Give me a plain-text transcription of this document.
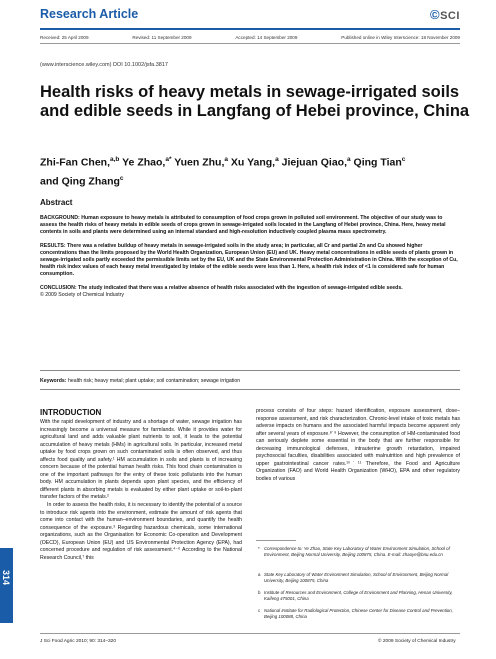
314
Research Article	©SCI
Received: 25 April 2009	Revised: 11 September 2009	Accepted: 14 September 2009	Published online in Wiley Interscience: 18 November 2009
(www.interscience.wiley.com) DOI 10.1002/jsfa.3817
Health risks of heavy metals in sewage-irrigated soils and edible seeds in Langfang of Hebei province, China
Zhi-Fan Chen,$^{a,b}$ Ye Zhao,$^{a*}$ Yuen Zhu,$^a$ Xu Yang,$^a$ Jiejuan Qiao,$^a$ Qing Tian$^c$
and Qing Zhang$^c$
Abstract

BACKGROUND: Human exposure to heavy metals is attributed to consumption of food crops grown in polluted soil environment. The objective of our study was to assess the health risks of heavy metals in edible seeds of crops grown in sewage-irrigated soils located in the Langfang of Hebei province, China. Here, heavy metal contents in soils and plants were determined using an internal standard and high-resolution inductively coupled plasma mass spectrometry.

RESULTS: There was a relative buildup of heavy metals in sewage-irrigated soils in the study area; in particular, all Cr and partial Zn and Cu showed higher concentrations than the limits proposed by the World Health Organization, European Union (EU) and UK. Heavy metal concentrations in edible seeds of plants grown in sewage-irrigated soils partly exceeded the permissible limits set by the EU, UK and the State Environmental Protection Administration in China. With the exception of Cu, health risk index values of each heavy metal investigated by intake of the edible seeds were less than 1. Here, a health risk index of <1 is considered safe for human consumption.

CONCLUSION: The study indicated that there was a relative absence of health risks associated with the ingestion of sewage-irrigated edible seeds.
© 2009 Society of Chemical Industry

Keywords: health risk; heavy metal; plant uptake; soil contamination; sewage irrigation
INTRODUCTION

With the rapid development of industry and a shortage of water, sewage irrigation has increasingly become a universal measure for farmlands. While it provides water for agricultural land and adds valuable plant nutrients to soil, it leads to the potential accumulation of heavy metals (HMs) in agricultural soils. In particular, increased metal uptake by food crops grown on such contaminated soils is often observed, and thus affects food quality and safety.¹ HM accumulation in soils and plants is of increasing concern because of the potential human health risks. This food chain contamination is one of the important pathways for the entry of these toxic pollutants into the human body. HM accumulation in plants depends upon plant species, and the efficiency of different plants in absorbing metals is evaluated by either plant uptake or soil-to-plant transfer factors of the metals.²

In order to assess the health risks, it is necessary to identify the potential of a source to introduce risk agents into the environment, estimate the amount of risk agents that come into contact with the human–environment boundaries, and quantify the health consequence of the exposure.³ Regarding hazardous chemicals, some international organizations, such as the Organisation for Economic Co-operation and Development (OECD), European Union (EU) and US Environmental Protection Agency (EPA), had concerned procedure and regulation of risk assessment.⁴⁻⁶ According to the National Research Council,⁷ this

process consists of four steps: hazard identification, exposure assessment, dose–response assessment, and risk characterization. Chronic-level intake of toxic metals has adverse impacts on humans and the associated harmful impacts become apparent only after several years of exposure.⁸˙⁹ However, the consumption of HM-contaminated food can seriously deplete some essential in the body that are further responsible for decreasing immunological defenses, intrauterine growth retardation, impaired psychosocial faculties, disabilities associated with malnutrition and high prevalence of upper gastrointestinal cancer rates.¹⁰˙¹¹ Therefore, the Food and Agriculture Organization (FAO) and World Health Organization (WHO), EPA and other regulatory bodies of various
* Correspondence to: Ye Zhao, State Key Laboratory of Water Environment Simulation, School of Environment, Beijing Normal University, Beijing 100875, China. E-mail: zhaoye@bnu.edu.cn
a State Key Laboratory of Water Environment Simulation, School of Environment, Beijing Normal University, Beijing 100875, China
b Institute of Resources and Environment, College of Environment and Planning, Henan University, Kaifeng 475001, China
c National Institute for Radiological Protection, Chinese Center for Disease Control and Prevention, Beijing 100088, China
J Sci Food Agric 2010; 90: 314–320	© 2009 Society of Chemical Industry
